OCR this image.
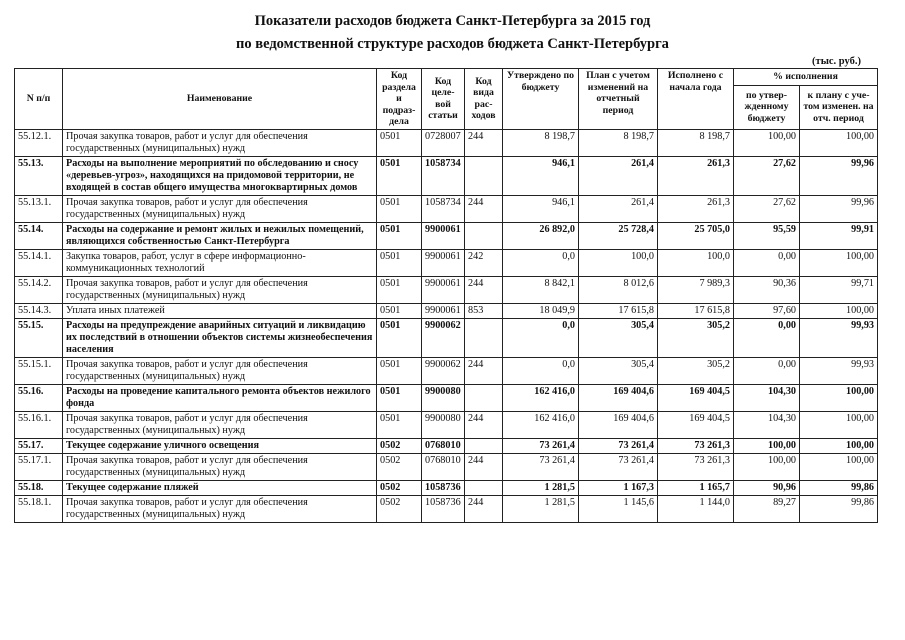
Показатели расходов бюджета Санкт-Петербурга за 2015 год
по ведомственной структуре расходов бюджета Санкт-Петербурга
(тыс. руб.)
N п/п	Наименование	Код раздела и подраз-дела	Код целе-вой статьи	Код вида рас-ходов	Утверждено по бюджету	План с учетом изменений на отчетный период	Исполнено с начала года	% исполнения	
								по утвер-жденному бюджету	к плану с уче-том изменен. на отч. период
55.12.1.	Прочая закупка товаров, работ и услуг для обеспечения государственных (муниципальных) нужд	0501	0728007	244	8 198,7	8 198,7	8 198,7	100,00	100,00
55.13.	Расходы на выполнение мероприятий по обследованию и сносу «деревьев-угроз», находящихся на придомовой территории, не входящей в состав общего имущества многоквартирных домов	0501	1058734		946,1	261,4	261,3	27,62	99,96
55.13.1.	Прочая закупка товаров, работ и услуг для обеспечения государственных (муниципальных) нужд	0501	1058734	244	946,1	261,4	261,3	27,62	99,96
55.14.	Расходы на содержание и ремонт жилых и нежилых помещений, являющихся собственностью Санкт-Петербурга	0501	9900061		26 892,0	25 728,4	25 705,0	95,59	99,91
55.14.1.	Закупка товаров, работ, услуг в сфере информационно-коммуникационных технологий	0501	9900061	242	0,0	100,0	100,0	0,00	100,00
55.14.2.	Прочая закупка товаров, работ и услуг для обеспечения государственных (муниципальных) нужд	0501	9900061	244	8 842,1	8 012,6	7 989,3	90,36	99,71
55.14.3.	Уплата иных платежей	0501	9900061	853	18 049,9	17 615,8	17 615,8	97,60	100,00
55.15.	Расходы на предупреждение аварийных ситуаций и ликвидацию их последствий в отношении объектов системы жизнеобеспечения населения	0501	9900062		0,0	305,4	305,2	0,00	99,93
55.15.1.	Прочая закупка товаров, работ и услуг для обеспечения государственных (муниципальных) нужд	0501	9900062	244	0,0	305,4	305,2	0,00	99,93
55.16.	Расходы на проведение капитального ремонта объектов нежилого фонда	0501	9900080		162 416,0	169 404,6	169 404,5	104,30	100,00
55.16.1.	Прочая закупка товаров, работ и услуг для обеспечения государственных (муниципальных) нужд	0501	9900080	244	162 416,0	169 404,6	169 404,5	104,30	100,00
55.17.	Текущее содержание уличного освещения	0502	0768010		73 261,4	73 261,4	73 261,3	100,00	100,00
55.17.1.	Прочая закупка товаров, работ и услуг для обеспечения государственных (муниципальных) нужд	0502	0768010	244	73 261,4	73 261,4	73 261,3	100,00	100,00
55.18.	Текущее содержание пляжей	0502	1058736		1 281,5	1 167,3	1 165,7	90,96	99,86
55.18.1.	Прочая закупка товаров, работ и услуг для обеспечения государственных (муниципальных) нужд	0502	1058736	244	1 281,5	1 145,6	1 144,0	89,27	99,86
